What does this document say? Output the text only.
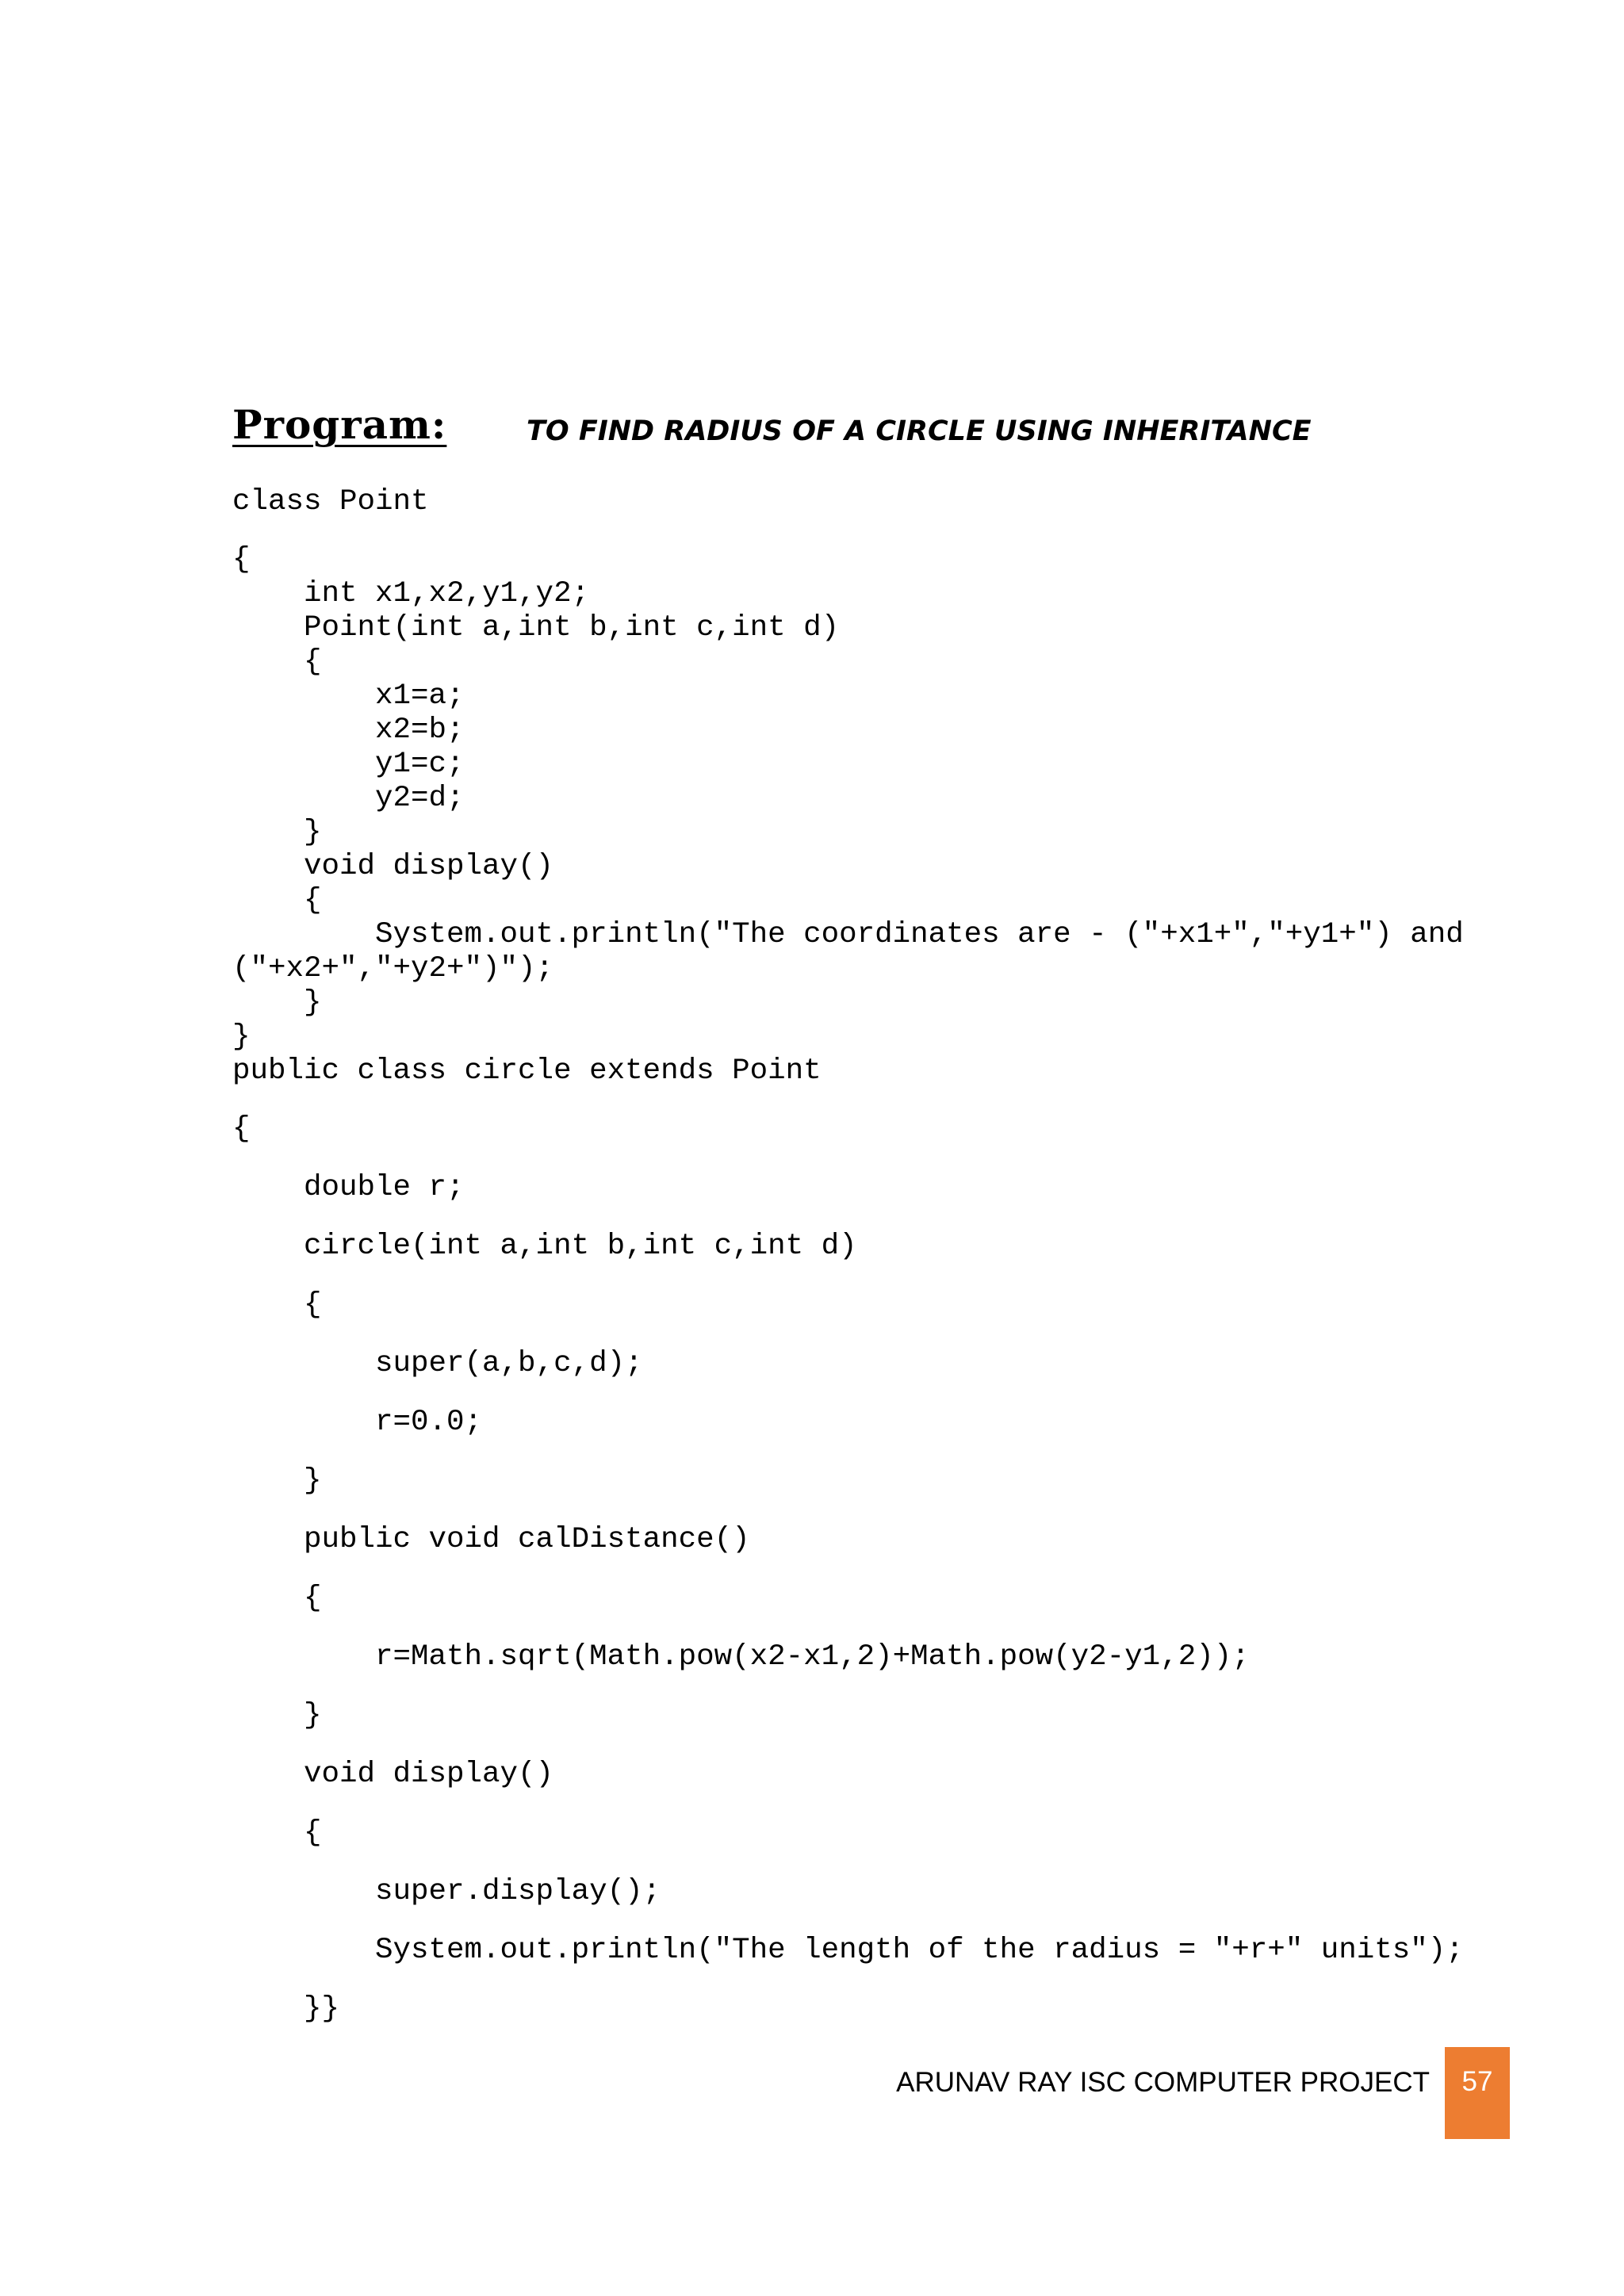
Program:	TO FIND RADIUS OF A CIRCLE USING INHERITANCE
class Point
{
int x1,x2,y1,y2;
Point(int a,int b,int c,int d)
{
x1=a;
x2=b;
y1=c;
y2=d;
}
void display()
{
System.out.println("The coordinates are - ("+x1+","+y1+") and
("+x2+","+y2+")");
}
}
public class circle extends Point
{
double r;
circle(int a,int b,int c,int d)
{
super(a,b,c,d);
r=0.0;
}
public void calDistance()
{
r=Math.sqrt(Math.pow(x2-x1,2)+Math.pow(y2-y1,2));
}
void display()
{
super.display();
System.out.println("The length of the radius = "+r+" units");
}}
ARUNAV RAY ISC COMPUTER PROJECT	57
